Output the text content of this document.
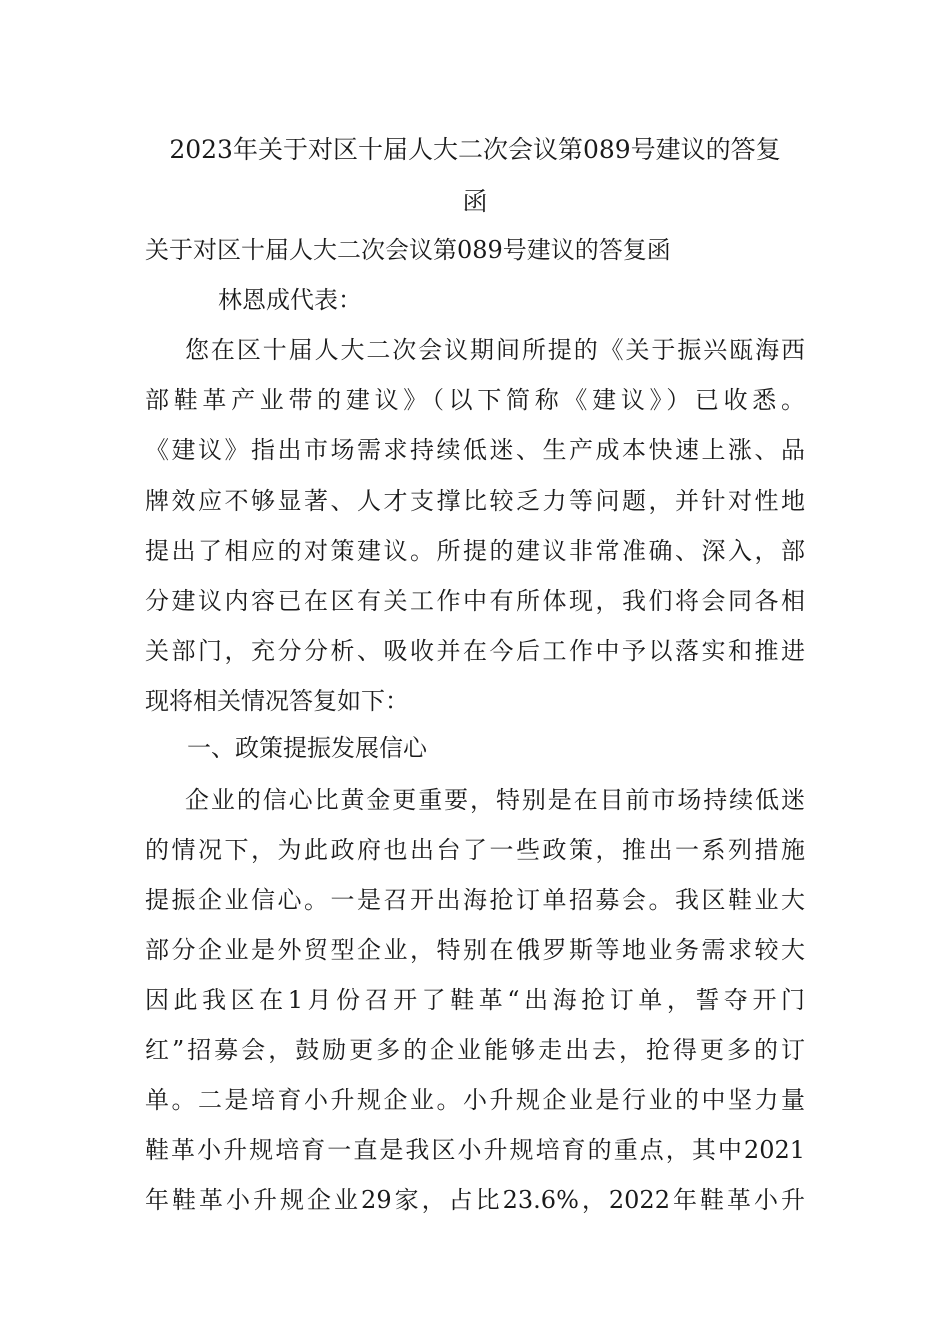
2023年关于对区十届人大二次会议第089号建议的答复
函
关于对区十届人大二次会议第089号建议的答复函
林恩成代表：
您在区十届人大二次会议期间所提的《关于振兴瓯海西
部鞋革产业带的建议》（以下简称《建议》）已收悉。
《建议》指出市场需求持续低迷、生产成本快速上涨、品
牌效应不够显著、人才支撑比较乏力等问题，并针对性地
提出了相应的对策建议。所提的建议非常准确、深入，部
分建议内容已在区有关工作中有所体现，我们将会同各相
关部门，充分分析、吸收并在今后工作中予以落实和推进
现将相关情况答复如下：
一、政策提振发展信心
企业的信心比黄金更重要，特别是在目前市场持续低迷
的情况下，为此政府也出台了一些政策，推出一系列措施
提振企业信心。一是召开出海抢订单招募会。我区鞋业大
部分企业是外贸型企业，特别在俄罗斯等地业务需求较大
因此我区在1月份召开了鞋革“出海抢订单，誓夺开门
红”招募会，鼓励更多的企业能够走出去，抢得更多的订
单。二是培育小升规企业。小升规企业是行业的中坚力量
鞋革小升规培育一直是我区小升规培育的重点，其中2021
年鞋革小升规企业29家，占比23.6%，2022年鞋革小升
